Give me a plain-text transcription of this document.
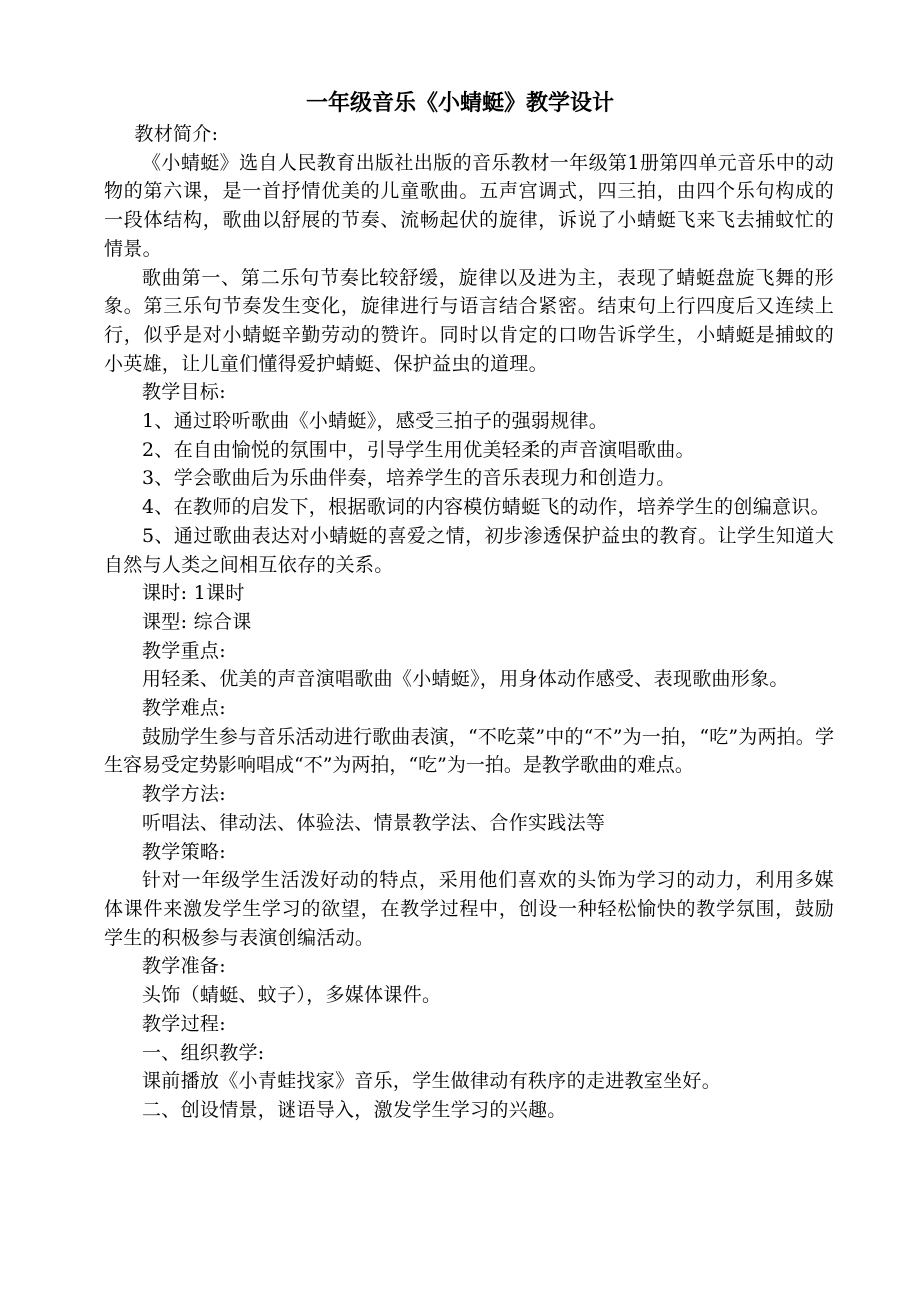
一年级音乐《小蜻蜓》教学设计

教材简介:

《小蜻蜓》选自人民教育出版社出版的音乐教材一年级第1册第四单元音乐中的动物的第六课，是一首抒情优美的儿童歌曲。五声宫调式，四三拍，由四个乐句构成的一段体结构，歌曲以舒展的节奏、流畅起伏的旋律，诉说了小蜻蜓飞来飞去捕蚊忙的情景。

歌曲第一、第二乐句节奏比较舒缓，旋律以及进为主，表现了蜻蜓盘旋飞舞的形象。第三乐句节奏发生变化，旋律进行与语言结合紧密。结束句上行四度后又连续上行，似乎是对小蜻蜓辛勤劳动的赞许。同时以肯定的口吻告诉学生，小蜻蜓是捕蚊的小英雄，让儿童们懂得爱护蜻蜓、保护益虫的道理。

教学目标:

1、通过聆听歌曲《小蜻蜓》，感受三拍子的强弱规律。

2、在自由愉悦的氛围中，引导学生用优美轻柔的声音演唱歌曲。

3、学会歌曲后为乐曲伴奏，培养学生的音乐表现力和创造力。

4、在教师的启发下，根据歌词的内容模仿蜻蜓飞的动作，培养学生的创编意识。

5、通过歌曲表达对小蜻蜓的喜爱之情，初步渗透保护益虫的教育。让学生知道大自然与人类之间相互依存的关系。

课时: 1课时

课型: 综合课

教学重点:

用轻柔、优美的声音演唱歌曲《小蜻蜓》，用身体动作感受、表现歌曲形象。

教学难点:

鼓励学生参与音乐活动进行歌曲表演，“不吃菜”中的“不”为一拍，“吃”为两拍。学生容易受定势影响唱成“不”为两拍，“吃”为一拍。是教学歌曲的难点。

教学方法:

听唱法、律动法、体验法、情景教学法、合作实践法等

教学策略:

针对一年级学生活泼好动的特点，采用他们喜欢的头饰为学习的动力，利用多媒体课件来激发学生学习的欲望，在教学过程中，创设一种轻松愉快的教学氛围，鼓励学生的积极参与表演创编活动。

教学准备:

头饰（蜻蜓、蚊子），多媒体课件。

教学过程:

一、组织教学:

课前播放《小青蛙找家》音乐，学生做律动有秩序的走进教室坐好。

二、创设情景，谜语导入，激发学生学习的兴趣。
